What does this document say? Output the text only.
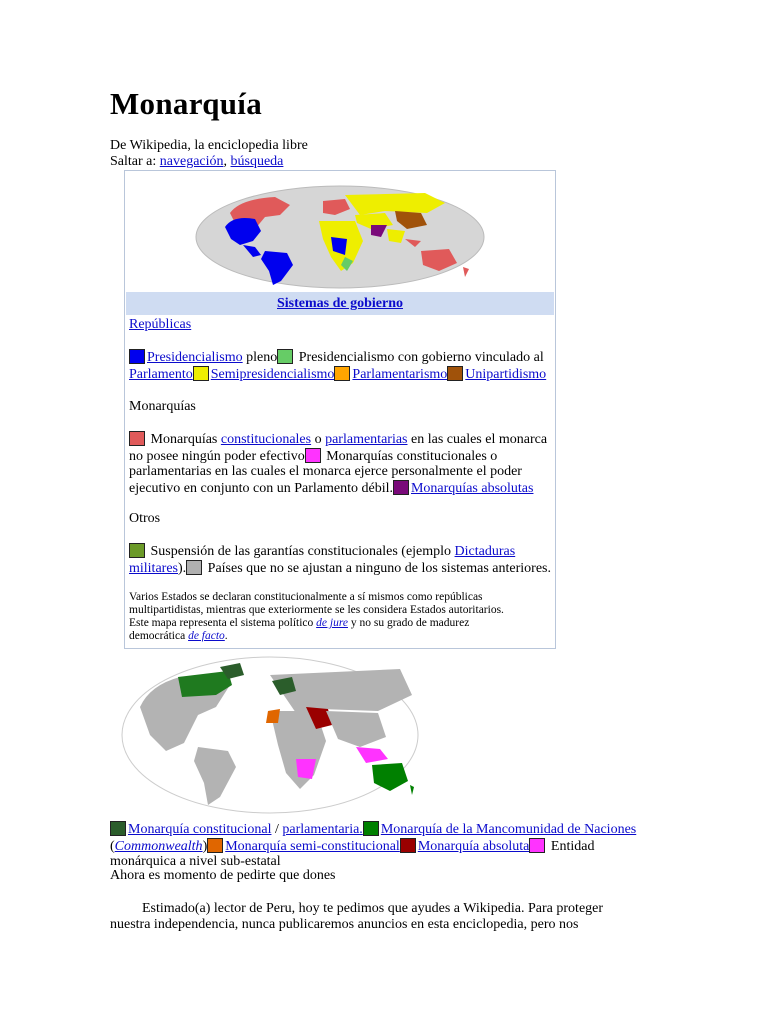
Monarquía
De Wikipedia, la enciclopedia libre
Saltar a: navegación, búsqueda
Sistemas de gobierno
Repúblicas
Presidencialismo pleno Presidencialismo con gobierno vinculado al
Parlamento Semipresidencialismo Parlamentarismo Unipartidismo
Monarquías
Monarquías constitucionales o parlamentarias en las cuales el monarca
no posee ningún poder efectivo Monarquías constitucionales o
parlamentarias en las cuales el monarca ejerce personalmente el poder
ejecutivo en conjunto con un Parlamento débil. Monarquías absolutas
Otros
Suspensión de las garantías constitucionales (ejemplo Dictaduras
militares). Países que no se ajustan a ninguno de los sistemas anteriores.
Varios Estados se declaran constitucionalmente a sí mismos como repúblicas
multipartidistas, mientras que exteriormente se les considera Estados autoritarios.
Este mapa representa el sistema político de jure y no su grado de madurez
democrática de facto.
Monarquía constitucional / parlamentaria. Monarquía de la Mancomunidad de Naciones
(Commonwealth) Monarquía semi-constitucional Monarquía absoluta Entidad
monárquica a nivel sub-estatal
Ahora es momento de pedirte que dones
Estimado(a) lector de Peru, hoy te pedimos que ayudes a Wikipedia. Para proteger
nuestra independencia, nunca publicaremos anuncios en esta enciclopedia, pero nos
